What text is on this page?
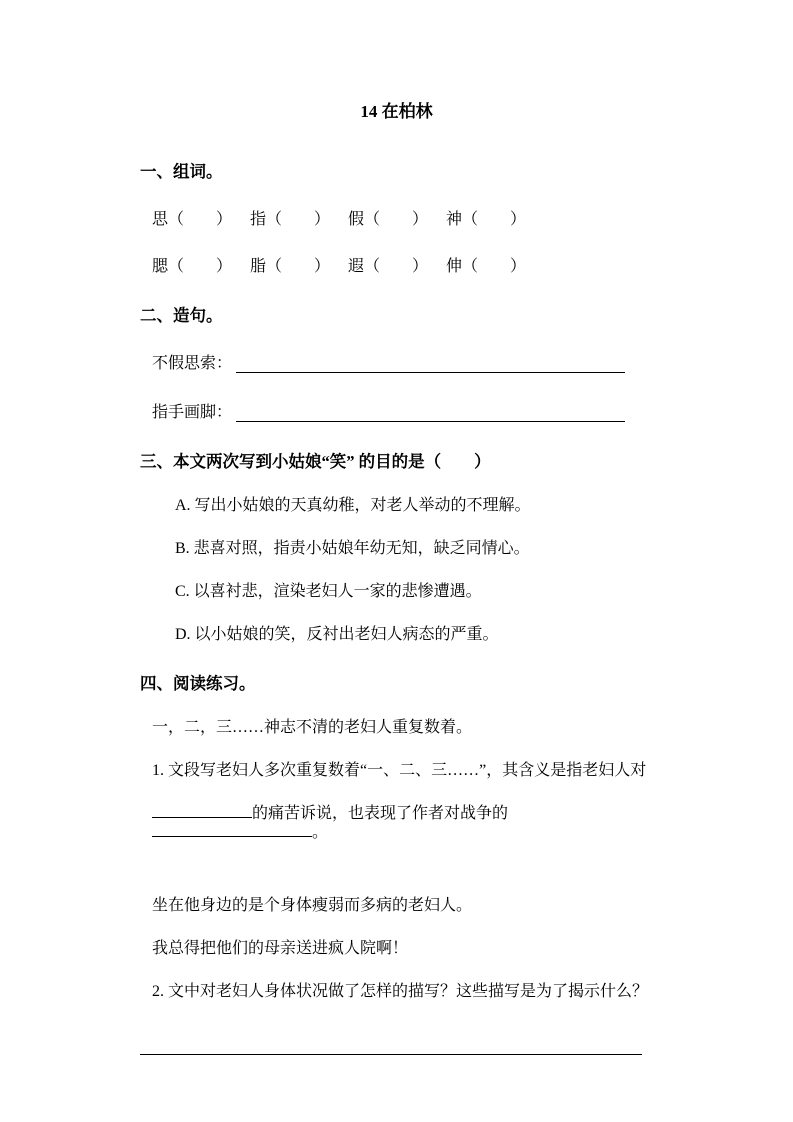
14 在柏林
一、组词。
思（　　） 指（　　） 假（　　） 神（　　）
腮（　　） 脂（　　） 遐（　　） 伸（　　）
二、造句。
不假思索：
指手画脚：
三、本文两次写到小姑娘“笑” 的目的是（　　）
A. 写出小姑娘的天真幼稚，对老人举动的不理解。
B. 悲喜对照，指责小姑娘年幼无知，缺乏同情心。
C. 以喜衬悲，渲染老妇人一家的悲惨遭遇。
D. 以小姑娘的笑，反衬出老妇人病态的严重。
四、阅读练习。
一，二，三……神志不清的老妇人重复数着。
1. 文段写老妇人多次重复数着“一、二、三……”，其含义是指老妇人对
的痛苦诉说，也表现了作者对战争的。
坐在他身边的是个身体瘦弱而多病的老妇人。
我总得把他们的母亲送进疯人院啊！
2. 文中对老妇人身体状况做了怎样的描写？这些描写是为了揭示什么？
